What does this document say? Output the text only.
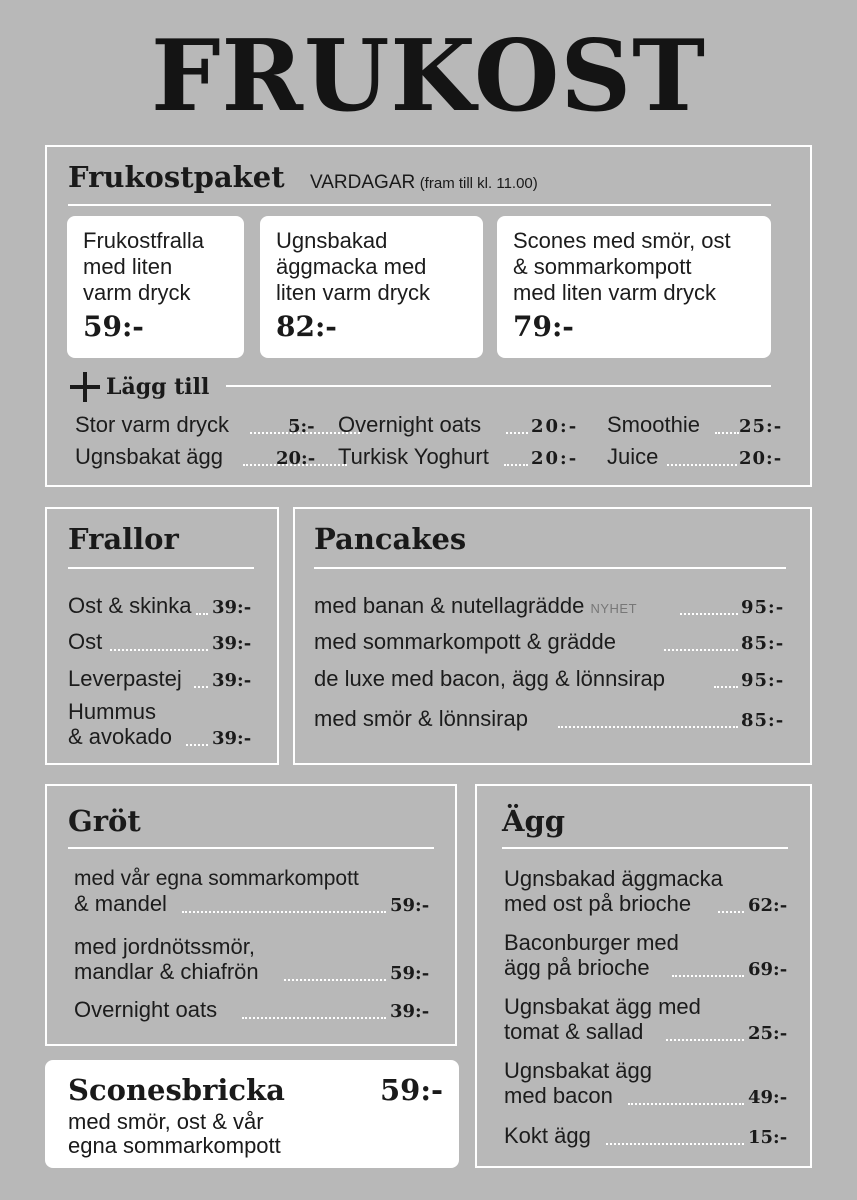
FRUKOST
Frukostpaket VARDAGAR (fram till kl. 11.00)
Frukostfralla
med liten
varm dryck
59:-
Ugnsbakad
äggmacka med
liten varm dryck
82:-
Scones med smör, ost
& sommarkompott
med liten varm dryck
79:-
Lägg till
Stor varm dryck	5:-
Ugnsbakat ägg	20:-
Overnight oats	20:-
Turkisk Yoghurt 20:-
Smoothie 25:-
Juice	20:-
Frallor
Ost & skinka 39:-
Ost	39:-
Leverpastej 39:-
Hummus
& avokado 39:-
Pancakes
med banan & nutellagrädde NYHET	95:-
med sommarkompott & grädde	85:-
de luxe med bacon, ägg & lönnsirap	95:-
med smör & lönnsirap	85:-
Gröt
med vår egna sommarkompott
& mandel	59:-
med jordnötssmör,
mandlar & chiafrön	59:-
Overnight oats	39:-
Sconesbricka	59:-
med smör, ost & vår
egna sommarkompott
Ägg
Ugnsbakad äggmacka
med ost på brioche	62:-
Baconburger med
ägg på brioche	69:-
Ugnsbakat ägg med
tomat & sallad	25:-
Ugnsbakat ägg
med bacon	49:-
Kokt ägg	15:-
